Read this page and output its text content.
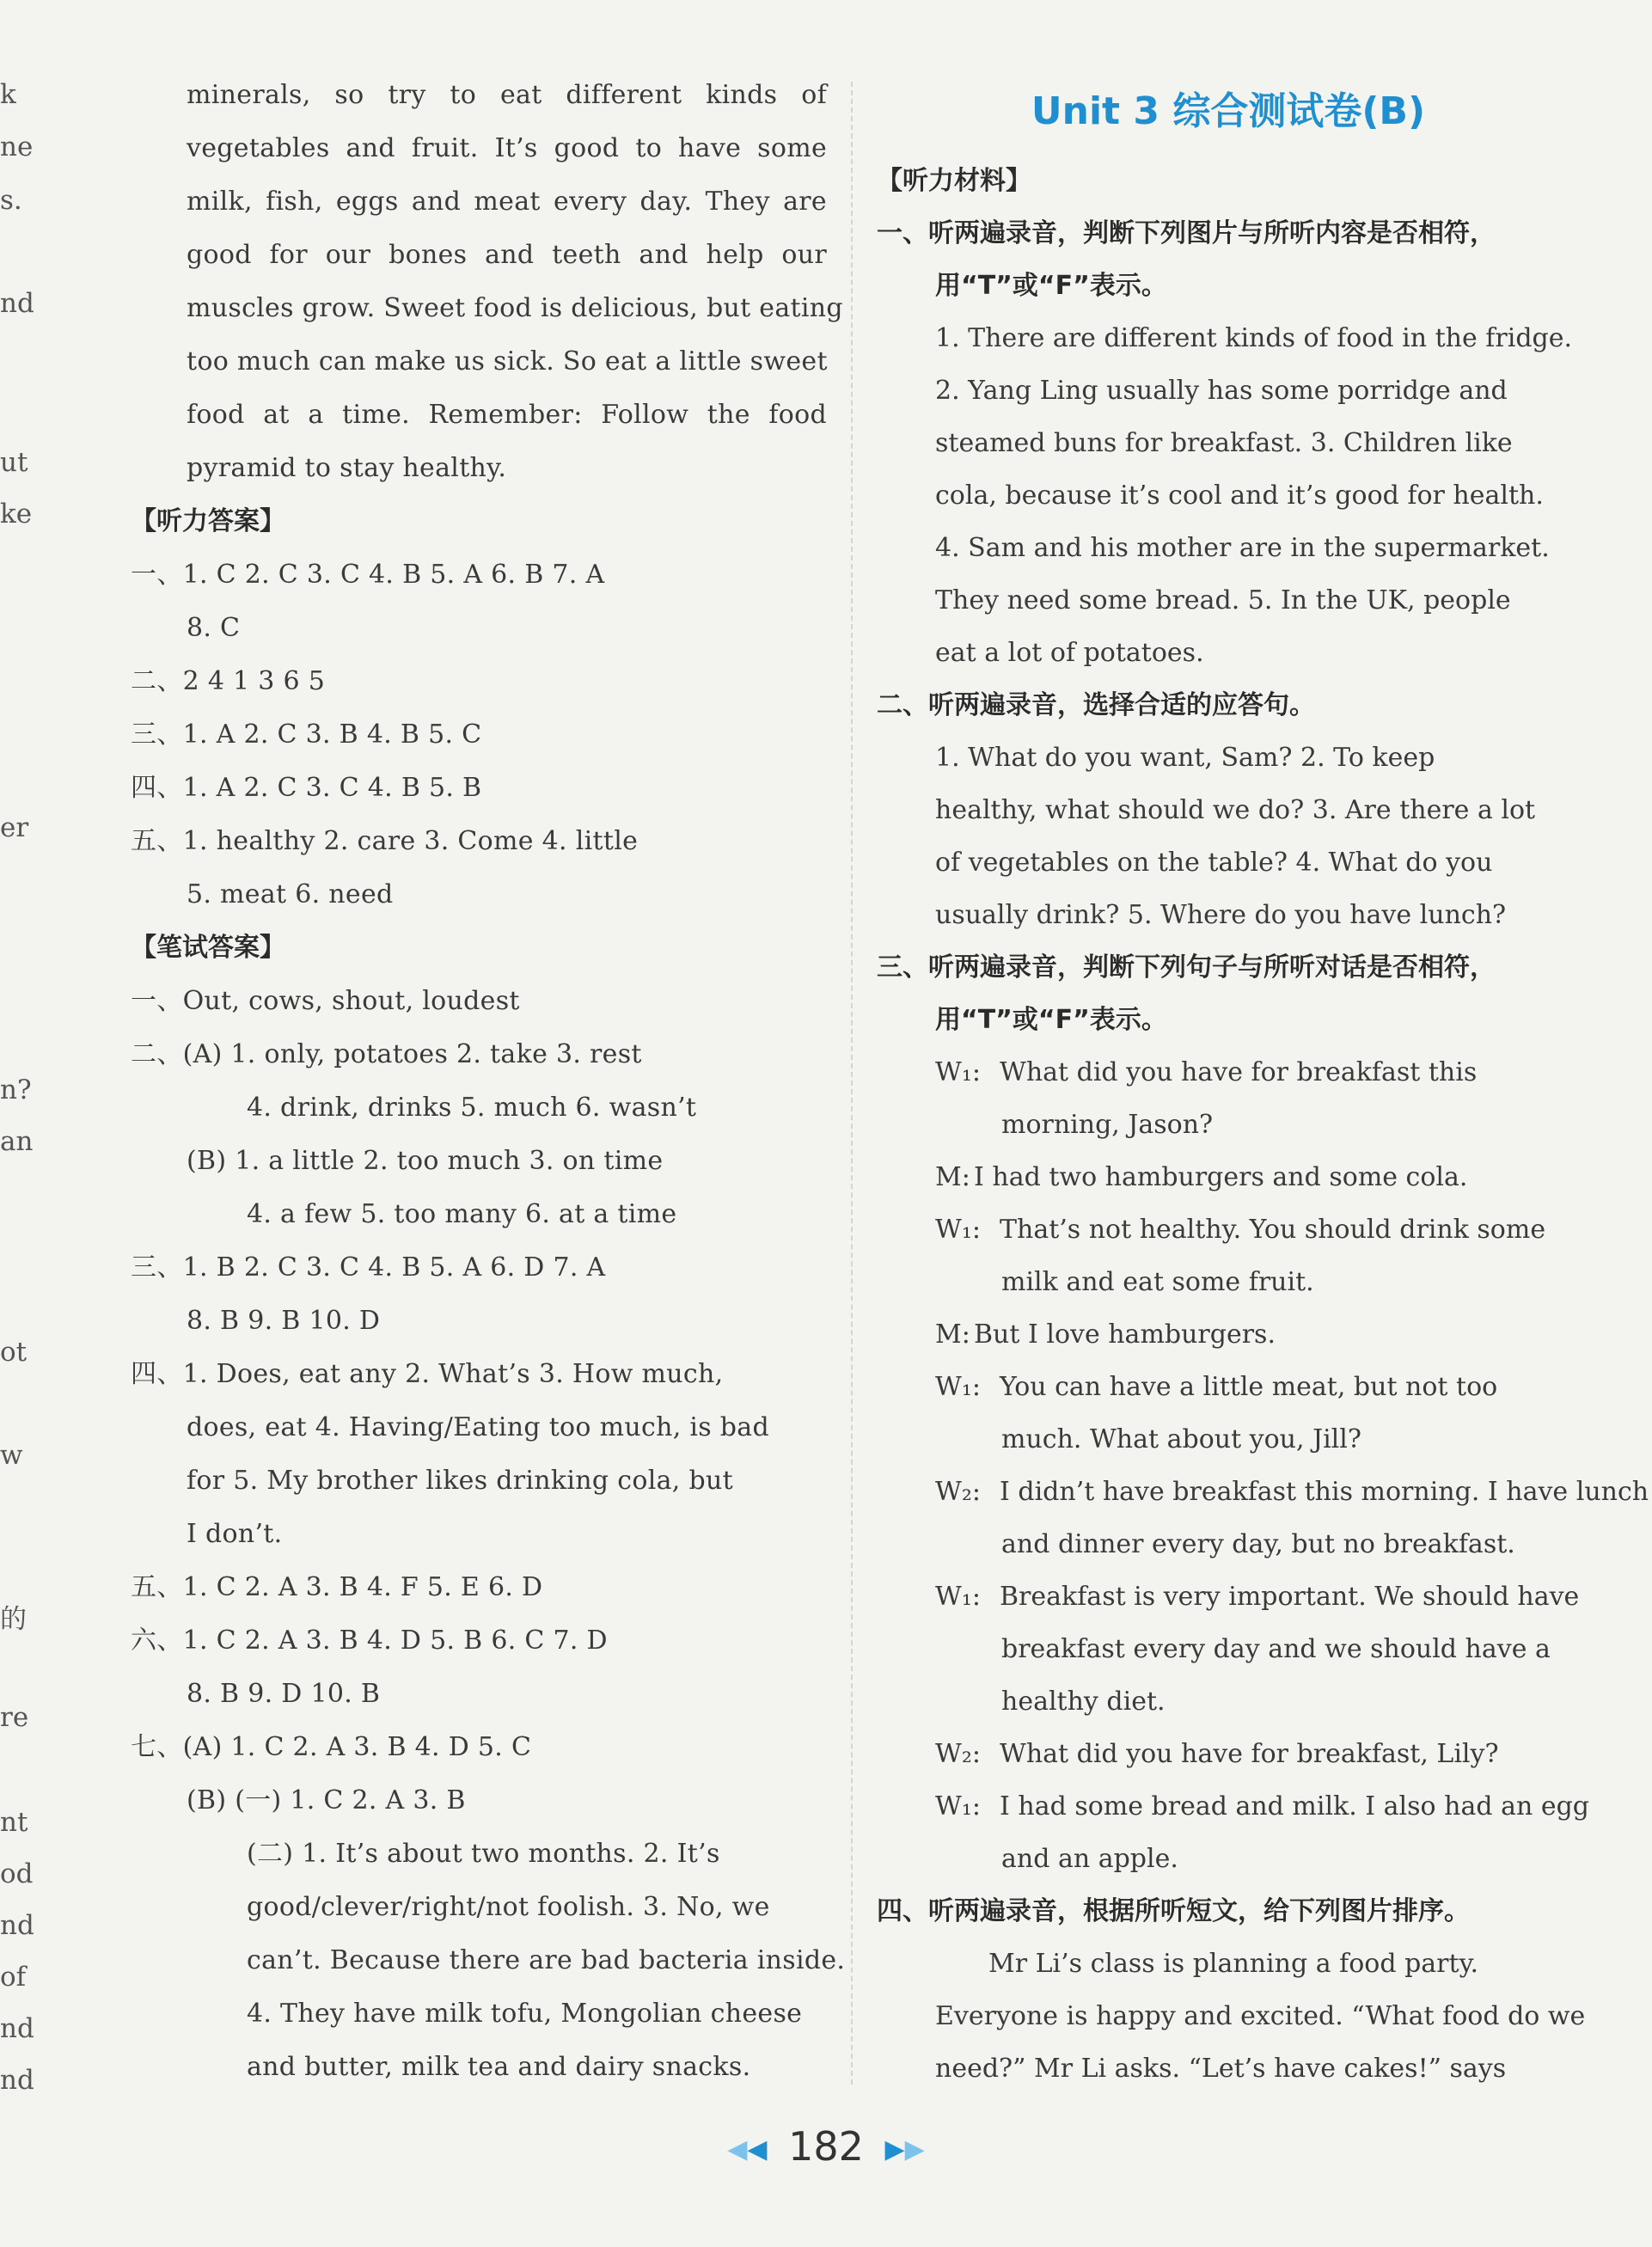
k
ne
s.
nd
ut
ke
er
n?
an
ot
w
的
re
nt
od
nd
of
nd
nd
minerals, so try to eat different kinds of
vegetables and fruit. It’s good to have some
milk, fish, eggs and meat every day. They are
good for our bones and teeth and help our
muscles grow. Sweet food is delicious, but eating
too much can make us sick. So eat a little sweet
food at a time. Remember: Follow the food
pyramid to stay healthy.
【听力答案】
一、1. C 2. C 3. C 4. B 5. A 6. B 7. A
8. C
二、2 4 1 3 6 5
三、1. A 2. C 3. B 4. B 5. C
四、1. A 2. C 3. C 4. B 5. B
五、1. healthy 2. care 3. Come 4. little
5. meat 6. need
【笔试答案】
一、Out, cows, shout, loudest
二、(A) 1. only, potatoes 2. take 3. rest
4. drink, drinks 5. much 6. wasn’t
(B) 1. a little 2. too much 3. on time
4. a few 5. too many 6. at a time
三、1. B 2. C 3. C 4. B 5. A 6. D 7. A
8. B 9. B 10. D
四、1. Does, eat any 2. What’s 3. How much,
does, eat 4. Having/Eating too much, is bad
for 5. My brother likes drinking cola, but
I don’t.
五、1. C 2. A 3. B 4. F 5. E 6. D
六、1. C 2. A 3. B 4. D 5. B 6. C 7. D
8. B 9. D 10. B
七、(A) 1. C 2. A 3. B 4. D 5. C
(B) (一) 1. C 2. A 3. B
(二) 1. It’s about two months. 2. It’s
good/clever/right/not foolish. 3. No, we
can’t. Because there are bad bacteria inside.
4. They have milk tofu, Mongolian cheese
and butter, milk tea and dairy snacks.
Unit 3 综合测试卷(B)
【听力材料】
一、听两遍录音，判断下列图片与所听内容是否相符，
用“T”或“F”表示。
1. There are different kinds of food in the fridge.
2. Yang Ling usually has some porridge and
steamed buns for breakfast. 3. Children like
cola, because it’s cool and it’s good for health.
4. Sam and his mother are in the supermarket.
They need some bread. 5. In the UK, people
eat a lot of potatoes.
二、听两遍录音，选择合适的应答句。
1. What do you want, Sam? 2. To keep
healthy, what should we do? 3. Are there a lot
of vegetables on the table? 4. What do you
usually drink? 5. Where do you have lunch?
三、听两遍录音，判断下列句子与所听对话是否相符，
用“T”或“F”表示。
W₁: What did you have for breakfast this
morning, Jason?
M: I had two hamburgers and some cola.
W₁: That’s not healthy. You should drink some
milk and eat some fruit.
M: But I love hamburgers.
W₁: You can have a little meat, but not too
much. What about you, Jill?
W₂: I didn’t have breakfast this morning. I have lunch
and dinner every day, but no breakfast.
W₁: Breakfast is very important. We should have
breakfast every day and we should have a
healthy diet.
W₂: What did you have for breakfast, Lily?
W₁: I had some bread and milk. I also had an egg
and an apple.
四、听两遍录音，根据所听短文，给下列图片排序。
Mr Li’s class is planning a food party.
Everyone is happy and excited. “What food do we
need?” Mr Li asks. “Let’s have cakes!” says
◀◀ 182 ▶▶
